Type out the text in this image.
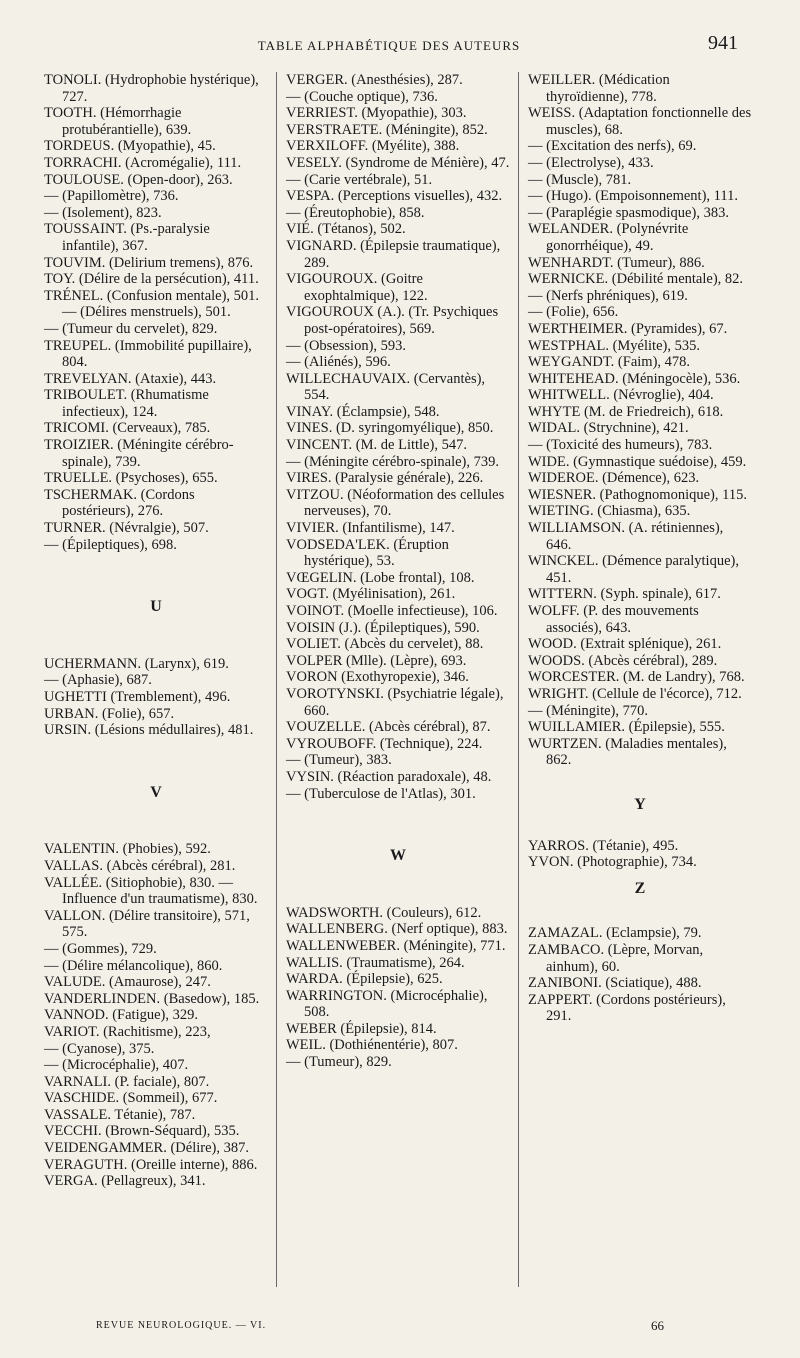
TABLE ALPHABÉTIQUE DES AUTEURS	941

TONOLI. (Hydrophobie hystérique), 727.

TOOTH. (Hémorrhagie protubérantielle), 639.

TORDEUS. (Myopathie), 45.

TORRACHI. (Acromégalie), 111.

TOULOUSE. (Open-door), 263.

— (Papillomètre), 736.

— (Isolement), 823.

TOUSSAINT. (Ps.-paralysie infantile), 367.

TOUVIM. (Delirium tremens), 876.

TOY. (Délire de la persécution), 411.

TRÉNEL. (Confusion mentale), 501. — (Délires menstruels), 501.

— (Tumeur du cervelet), 829.

TREUPEL. (Immobilité pupillaire), 804.

TREVELYAN. (Ataxie), 443.

TRIBOULET. (Rhumatisme infectieux), 124.

TRICOMI. (Cerveaux), 785.

TROIZIER. (Méningite cérébro-spinale), 739.

TRUELLE. (Psychoses), 655.

TSCHERMAK. (Cordons postérieurs), 276.

TURNER. (Névralgie), 507.

— (Épileptiques), 698.

U

UCHERMANN. (Larynx), 619.

— (Aphasie), 687.

UGHETTI (Tremblement), 496.

URBAN. (Folie), 657.

URSIN. (Lésions médullaires), 481.

V

VALENTIN. (Phobies), 592.

VALLAS. (Abcès cérébral), 281.

VALLÉE. (Sitiophobie), 830. — Influence d'un traumatisme), 830.

VALLON. (Délire transitoire), 571, 575.

— (Gommes), 729.

— (Délire mélancolique), 860.

VALUDE. (Amaurose), 247.

VANDERLINDEN. (Basedow), 185.

VANNOD. (Fatigue), 329.

VARIOT. (Rachitisme), 223,

— (Cyanose), 375.

— (Microcéphalie), 407.

VARNALI. (P. faciale), 807.

VASCHIDE. (Sommeil), 677.

VASSALE. Tétanie), 787.

VECCHI. (Brown-Séquard), 535.

VEIDENGAMMER. (Délire), 387.

VERAGUTH. (Oreille interne), 886.

VERGA. (Pellagreux), 341.

VERGER. (Anesthésies), 287.

— (Couche optique), 736.

VERRIEST. (Myopathie), 303.

VERSTRAETE. (Méningite), 852.

VERXILOFF. (Myélite), 388.

VESELY. (Syndrome de Ménière), 47.

— (Carie vertébrale), 51.

VESPA. (Perceptions visuelles), 432.

— (Éreutophobie), 858.

VIÉ. (Tétanos), 502.

VIGNARD. (Épilepsie traumatique), 289.

VIGOUROUX. (Goitre exophtalmique), 122.

VIGOUROUX (A.). (Tr. Psychiques post-opératoires), 569.

— (Obsession), 593.

— (Aliénés), 596.

WILLECHAUVAIX. (Cervantès), 554.

VINAY. (Éclampsie), 548.

VINES. (D. syringomyélique), 850.

VINCENT. (M. de Little), 547.

— (Méningite cérébro-spinale), 739.

VIRES. (Paralysie générale), 226.

VITZOU. (Néoformation des cellules nerveuses), 70.

VIVIER. (Infantilisme), 147.

VODSEDA'LEK. (Éruption hystérique), 53.

VŒGELIN. (Lobe frontal), 108.

VOGT. (Myélinisation), 261.

VOINOT. (Moelle infectieuse), 106.

VOISIN (J.). (Épileptiques), 590.

VOLIET. (Abcès du cervelet), 88.

VOLPER (Mlle). (Lèpre), 693.

VORON (Exothyropexie), 346.

VOROTYNSKI. (Psychiatrie légale), 660.

VOUZELLE. (Abcès cérébral), 87.

VYROUBOFF. (Technique), 224.

— (Tumeur), 383.

VYSIN. (Réaction paradoxale), 48.

— (Tuberculose de l'Atlas), 301.

W

WADSWORTH. (Couleurs), 612.

WALLENBERG. (Nerf optique), 883.

WALLENWEBER. (Méningite), 771.

WALLIS. (Traumatisme), 264.

WARDA. (Épilepsie), 625.

WARRINGTON. (Microcéphalie), 508.

WEBER (Épilepsie), 814.

WEIL. (Dothiénentérie), 807.

— (Tumeur), 829.

WEILLER. (Médication thyroïdienne), 778.

WEISS. (Adaptation fonctionnelle des muscles), 68.

— (Excitation des nerfs), 69.

— (Electrolyse), 433.

— (Muscle), 781.

— (Hugo). (Empoisonnement), 111.

— (Paraplégie spasmodique), 383.

WELANDER. (Polynévrite gonorrhéique), 49.

WENHARDT. (Tumeur), 886.

WERNICKE. (Débilité mentale), 82.

— (Nerfs phréniques), 619.

— (Folie), 656.

WERTHEIMER. (Pyramides), 67.

WESTPHAL. (Myélite), 535.

WEYGANDT. (Faim), 478.

WHITEHEAD. (Méningocèle), 536.

WHITWELL. (Névroglie), 404.

WHYTE (M. de Friedreich), 618.

WIDAL. (Strychnine), 421.

— (Toxicité des humeurs), 783.

WIDE. (Gymnastique suédoise), 459.

WIDEROE. (Démence), 623.

WIESNER. (Pathognomonique), 115.

WIETING. (Chiasma), 635.

WILLIAMSON. (A. rétiniennes), 646.

WINCKEL. (Démence paralytique), 451.

WITTERN. (Syph. spinale), 617.

WOLFF. (P. des mouvements associés), 643.

WOOD. (Extrait splénique), 261.

WOODS. (Abcès cérébral), 289.

WORCESTER. (M. de Landry), 768.

WRIGHT. (Cellule de l'écorce), 712.

— (Méningite), 770.

WUILLAMIER. (Épilepsie), 555.

WURTZEN. (Maladies mentales), 862.

Y

YARROS. (Tétanie), 495.

YVON. (Photographie), 734.

Z

ZAMAZAL. (Eclampsie), 79.

ZAMBACO. (Lèpre, Morvan, ainhum), 60.

ZANIBONI. (Sciatique), 488.

ZAPPERT. (Cordons postérieurs), 291.

REVUE NEUROLOGIQUE. — VI.	66
